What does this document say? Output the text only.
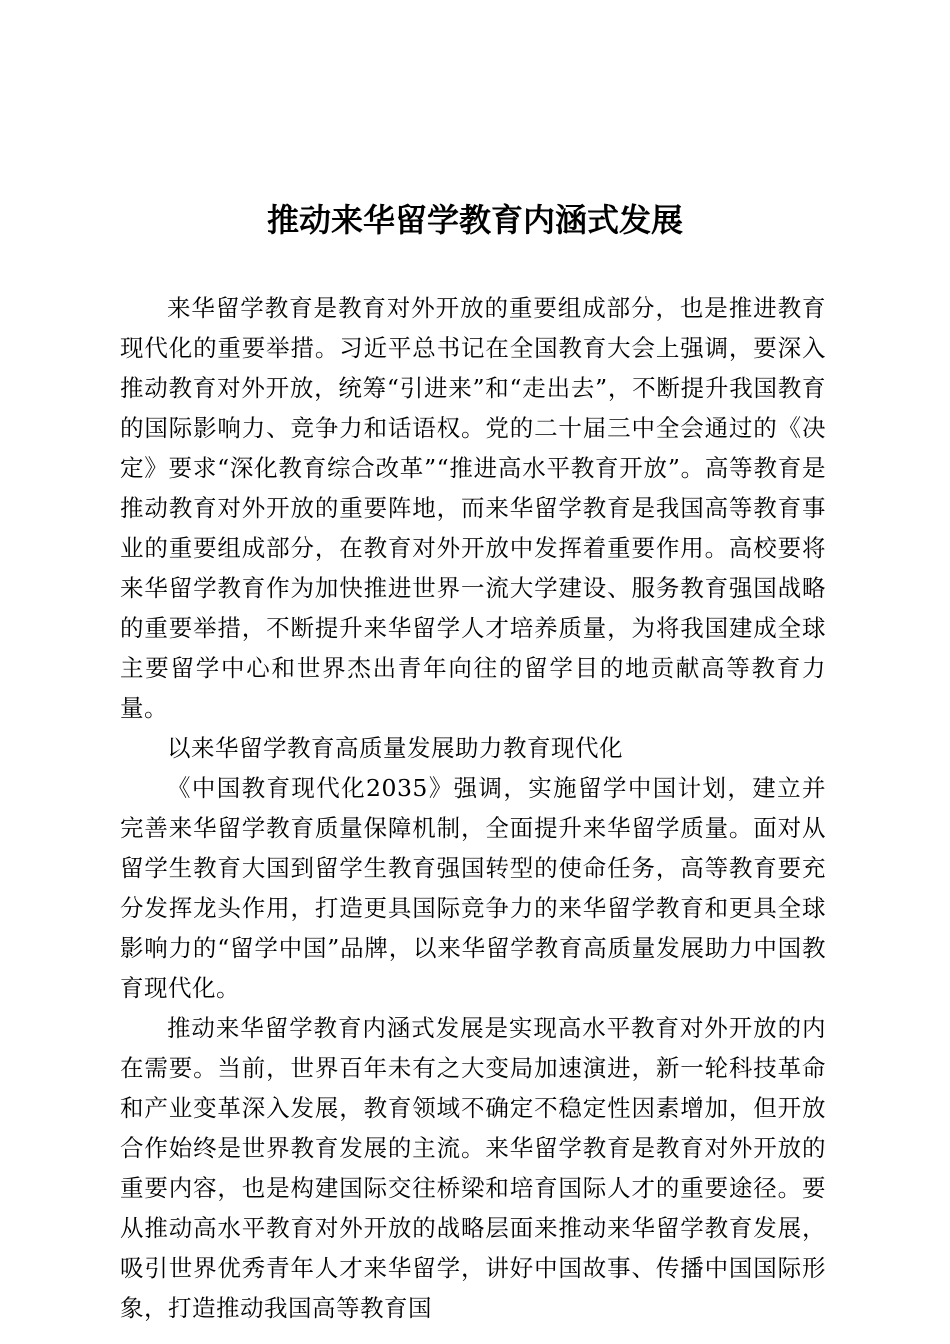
推动来华留学教育内涵式发展

来华留学教育是教育对外开放的重要组成部分，也是推进教育现代化的重要举措。习近平总书记在全国教育大会上强调，要深入推动教育对外开放，统筹“引进来”和“走出去”，不断提升我国教育的国际影响力、竞争力和话语权。党的二十届三中全会通过的《决定》要求“深化教育综合改革”“推进高水平教育开放”。高等教育是推动教育对外开放的重要阵地，而来华留学教育是我国高等教育事业的重要组成部分，在教育对外开放中发挥着重要作用。高校要将来华留学教育作为加快推进世界一流大学建设、服务教育强国战略的重要举措，不断提升来华留学人才培养质量，为将我国建成全球主要留学中心和世界杰出青年向往的留学目的地贡献高等教育力量。

以来华留学教育高质量发展助力教育现代化

《中国教育现代化2035》强调，实施留学中国计划，建立并完善来华留学教育质量保障机制，全面提升来华留学质量。面对从留学生教育大国到留学生教育强国转型的使命任务，高等教育要充分发挥龙头作用，打造更具国际竞争力的来华留学教育和更具全球影响力的“留学中国”品牌，以来华留学教育高质量发展助力中国教育现代化。

推动来华留学教育内涵式发展是实现高水平教育对外开放的内在需要。当前，世界百年未有之大变局加速演进，新一轮科技革命和产业变革深入发展，教育领域不确定不稳定性因素增加，但开放合作始终是世界教育发展的主流。来华留学教育是教育对外开放的重要内容，也是构建国际交往桥梁和培育国际人才的重要途径。要从推动高水平教育对外开放的战略层面来推动来华留学教育发展，吸引世界优秀青年人才来华留学，讲好中国故事、传播中国国际形象，打造推动我国高等教育国
